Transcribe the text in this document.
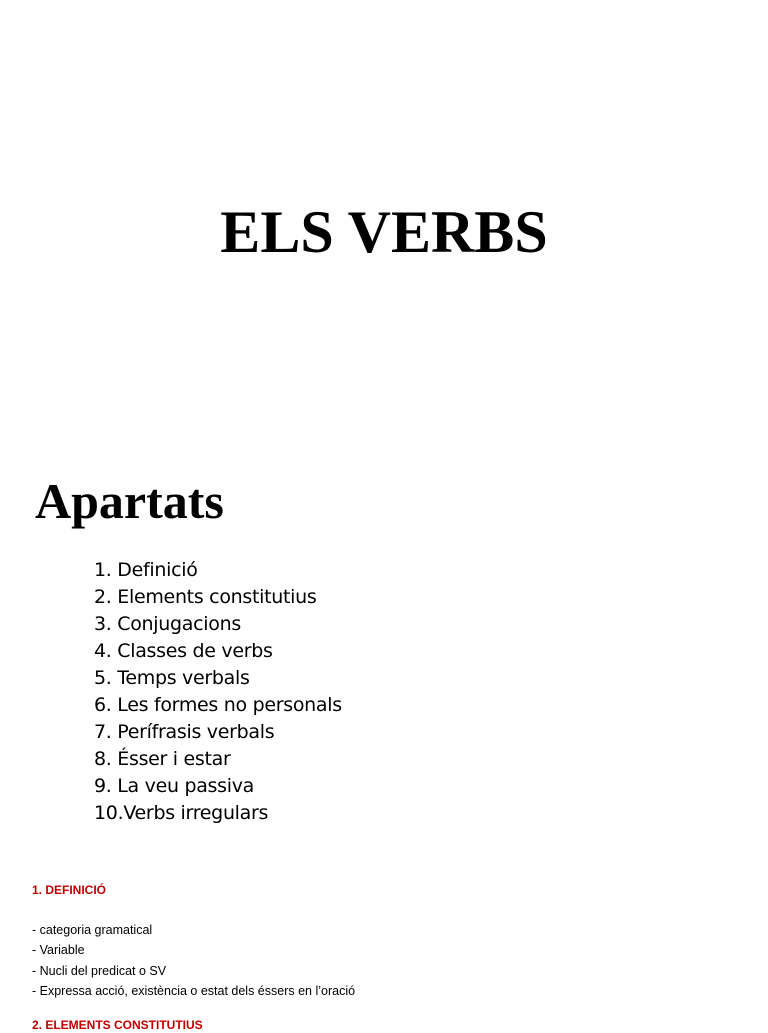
ELS VERBS
Apartats
1. Definició
2. Elements constitutius
3. Conjugacions
4. Classes de verbs
5. Temps verbals
6. Les formes no personals
7. Perífrasis verbals
8. Ésser i estar
9. La veu passiva
10.Verbs irregulars
1. DEFINICIÓ
- categoria gramatical
- Variable
- Nucli del predicat o SV
- Expressa acció, existència o estat dels éssers en l’oració
2. ELEMENTS CONSTITUTIUS
